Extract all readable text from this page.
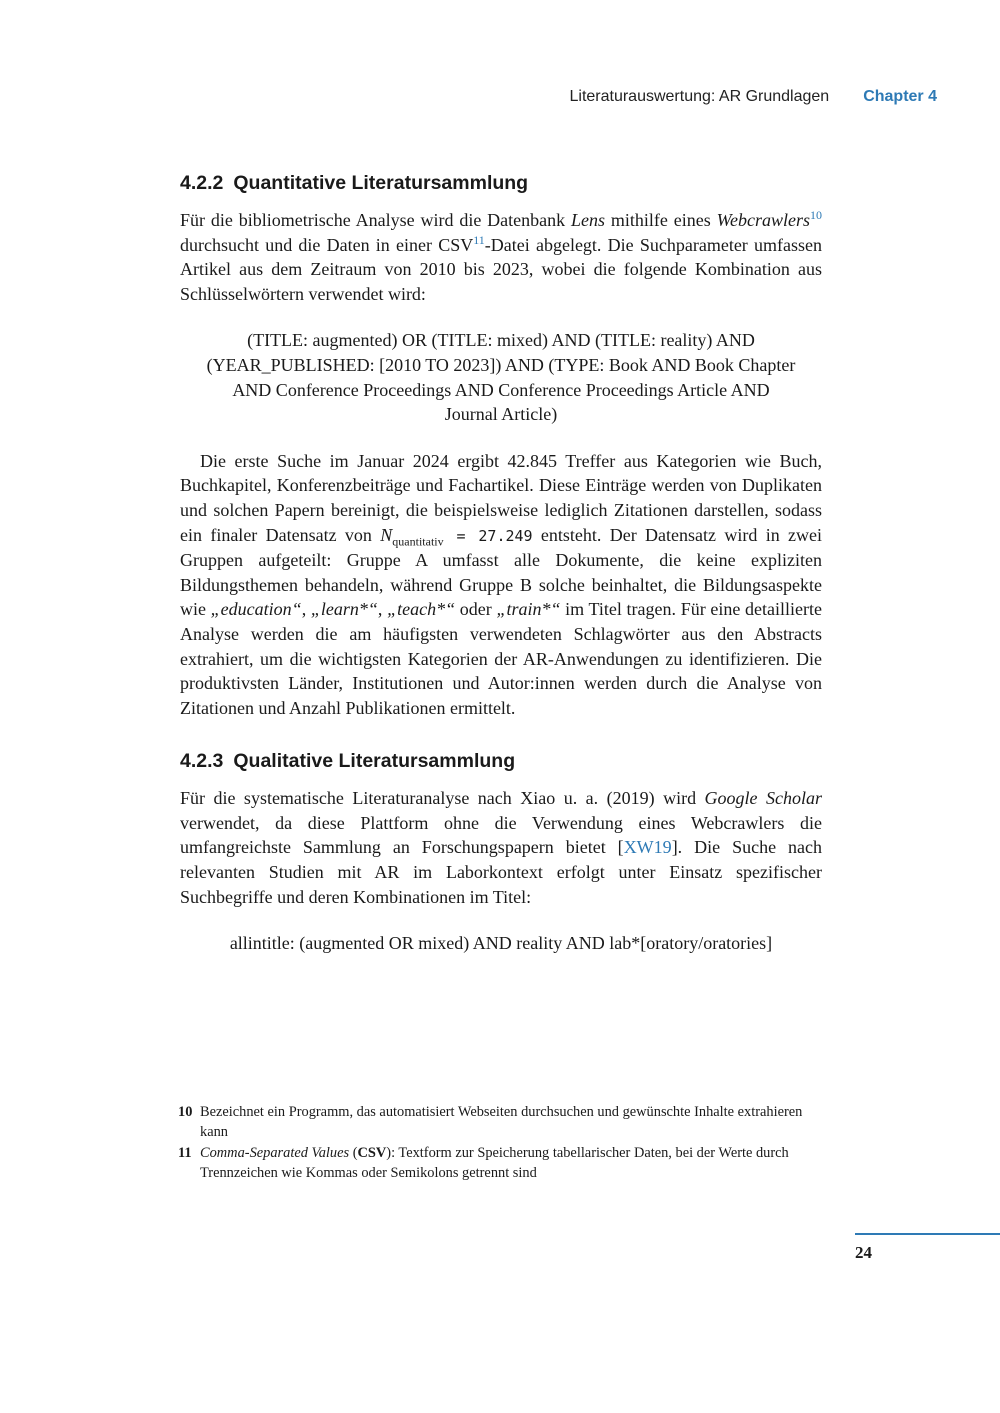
Literaturauswertung: AR Grundlagen Chapter 4
4.2.2 Quantitative Literatursammlung

Für die bibliometrische Analyse wird die Datenbank Lens mithilfe eines Webcrawlers$^{10}$ durchsucht und die Daten in einer CSV$^{11}$-Datei abgelegt. Die Suchparameter umfassen Artikel aus dem Zeitraum von 2010 bis 2023, wobei die folgende Kombination aus Schlüsselwörtern verwendet wird:

(TITLE: augmented) OR (TITLE: mixed) AND (TITLE: reality) AND
(YEAR_PUBLISHED: [2010 TO 2023]) AND (TYPE: Book AND Book Chapter
AND Conference Proceedings AND Conference Proceedings Article AND
Journal Article)

Die erste Suche im Januar 2024 ergibt 42.845 Treffer aus Kategorien wie Buch, Buchkapitel, Konferenzbeiträge und Fachartikel. Diese Einträge werden von Duplikaten und solchen Papern bereinigt, die beispielsweise lediglich Zitationen darstellen, sodass ein finaler Datensatz von $N_{quantitativ} = 27.249$ entsteht. Der Datensatz wird in zwei Gruppen aufgeteilt: Gruppe A umfasst alle Dokumente, die keine expliziten Bildungsthemen behandeln, während Gruppe B solche beinhaltet, die Bildungsaspekte wie „education“, „learn*“, „teach*“ oder „train*“ im Titel tragen. Für eine detaillierte Analyse werden die am häufigsten verwendeten Schlagwörter aus den Abstracts extrahiert, um die wichtigsten Kategorien der AR-Anwendungen zu identifizieren. Die produktivsten Länder, Institutionen und Autor:innen werden durch die Analyse von Zitationen und Anzahl Publikationen ermittelt.

4.2.3 Qualitative Literatursammlung

Für die systematische Literaturanalyse nach Xiao u. a. (2019) wird Google Scholar verwendet, da diese Plattform ohne die Verwendung eines Webcrawlers die umfangreichste Sammlung an Forschungspapern bietet [XW19]. Die Suche nach relevanten Studien mit AR im Laborkontext erfolgt unter Einsatz spezifischer Suchbegriffe und deren Kombinationen im Titel:

allintitle: (augmented OR mixed) AND reality AND lab*[oratory/oratories]
10 Bezeichnet ein Programm, das automatisiert Webseiten durchsuchen und gewünschte Inhalte extrahieren kann
11 Comma-Separated Values (CSV): Textform zur Speicherung tabellarischer Daten, bei der Werte durch Trennzeichen wie Kommas oder Semikolons getrennt sind
24
